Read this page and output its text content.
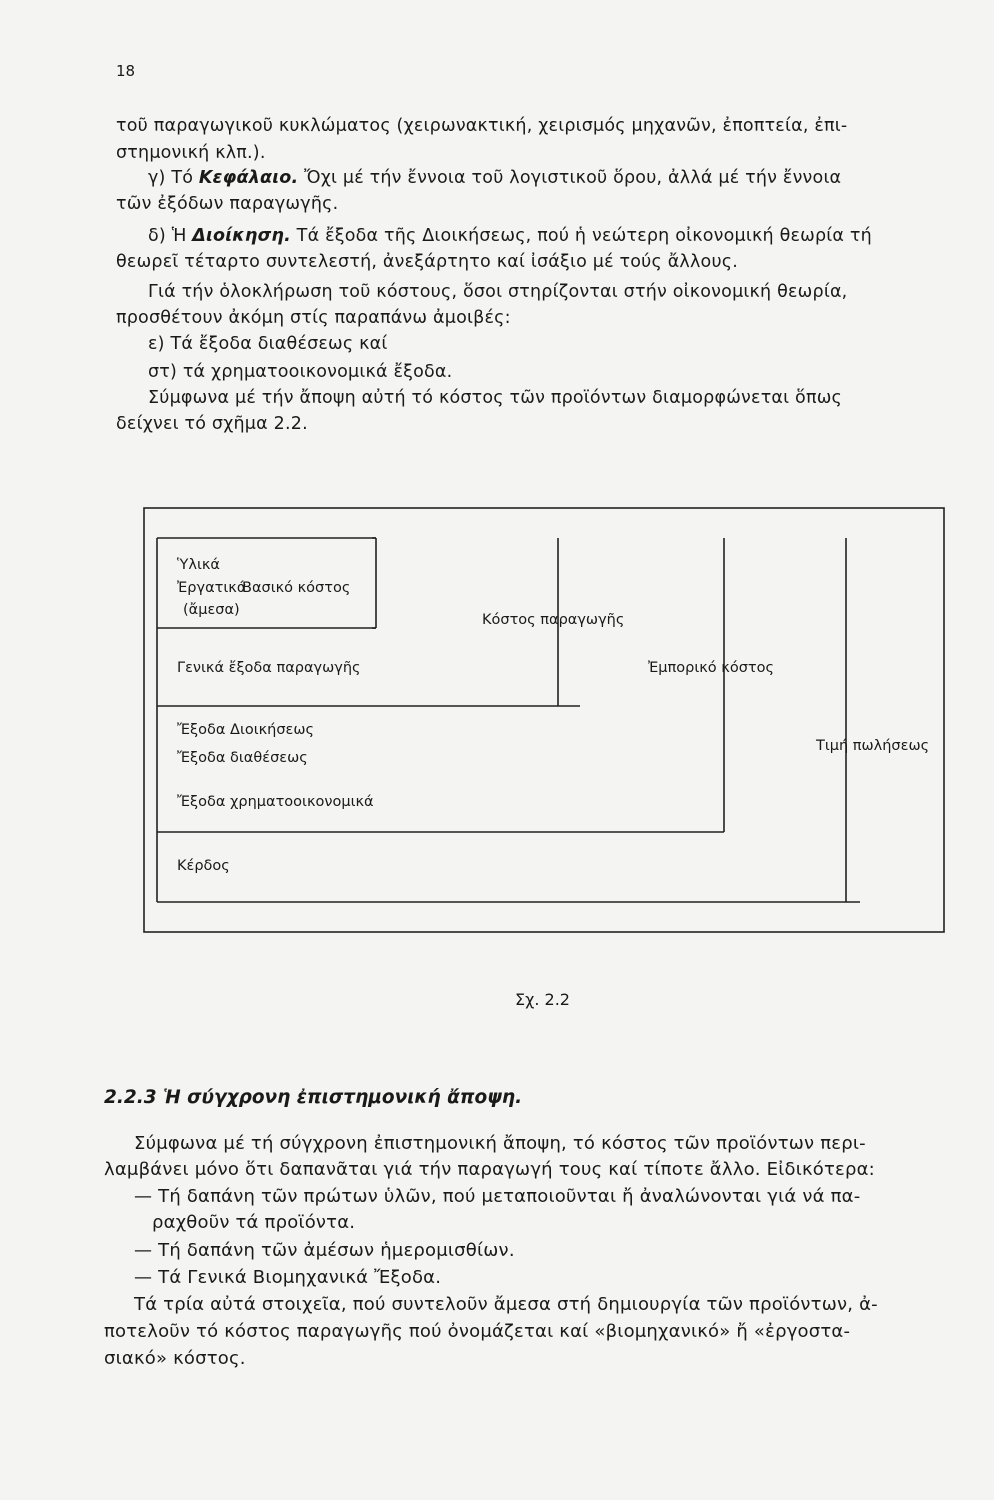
18
τοῦ παραγωγικοῦ κυκλώματος (χειρωνακτική, χειρισμός μηχανῶν, ἐποπτεία, ἐπι-
στημονική κλπ.).
γ) Τό Κεφάλαιο. Ὄχι μέ τήν ἔννοια τοῦ λογιστικοῦ ὅρου, ἀλλά μέ τήν ἔννοια
τῶν ἐξόδων παραγωγῆς.
δ) Ἡ Διοίκηση. Τά ἔξοδα τῆς Διοικήσεως, πού ἡ νεώτερη οἰκονομική θεωρία τή
θεωρεῖ τέταρτο συντελεστή, ἀνεξάρτητο καί ἰσάξιο μέ τούς ἄλλους.
Γιά τήν ὁλοκλήρωση τοῦ κόστους, ὅσοι στηρίζονται στήν οἰκονομική θεωρία,
προσθέτουν ἀκόμη στίς παραπάνω ἀμοιβές:
ε) Τά ἔξοδα διαθέσεως καί
στ) τά χρηματοοικονομικά ἔξοδα.
Σύμφωνα μέ τήν ἄποψη αὐτή τό κόστος τῶν προϊόντων διαμορφώνεται ὅπως
δείχνει τό σχῆμα 2.2.
Ὑλικά
Ἐργατικά
(ἄμεσα)
Βασικό κόστος
Κόστος παραγωγῆς
Γενικά ἔξοδα παραγωγῆς	Ἐμπορικό κόστος
Ἔξοδα Διοικήσεως
Ἔξοδα διαθέσεως
Ἔξοδα χρηματοοικονομικά
Τιμή πωλήσεως
Κέρδος
Σχ. 2.2
2.2.3 Ἡ σύγχρονη ἐπιστημονική ἄποψη.
Σύμφωνα μέ τή σύγχρονη ἐπιστημονική ἄποψη, τό κόστος τῶν προϊόντων περι-
λαμβάνει μόνο ὅτι δαπανᾶται γιά τήν παραγωγή τους καί τίποτε ἄλλο. Εἰδικότερα:
— Τή δαπάνη τῶν πρώτων ὑλῶν, πού μεταποιοῦνται ἤ ἀναλώνονται γιά νά πα-
ραχθοῦν τά προϊόντα.
— Τή δαπάνη τῶν ἀμέσων ἡμερομισθίων.
— Τά Γενικά Βιομηχανικά Ἔξοδα.
Τά τρία αὐτά στοιχεῖα, πού συντελοῦν ἄμεσα στή δημιουργία τῶν προϊόντων, ἀ-
ποτελοῦν τό κόστος παραγωγῆς πού ὀνομάζεται καί «βιομηχανικό» ἤ «ἐργοστα-
σιακό» κόστος.
